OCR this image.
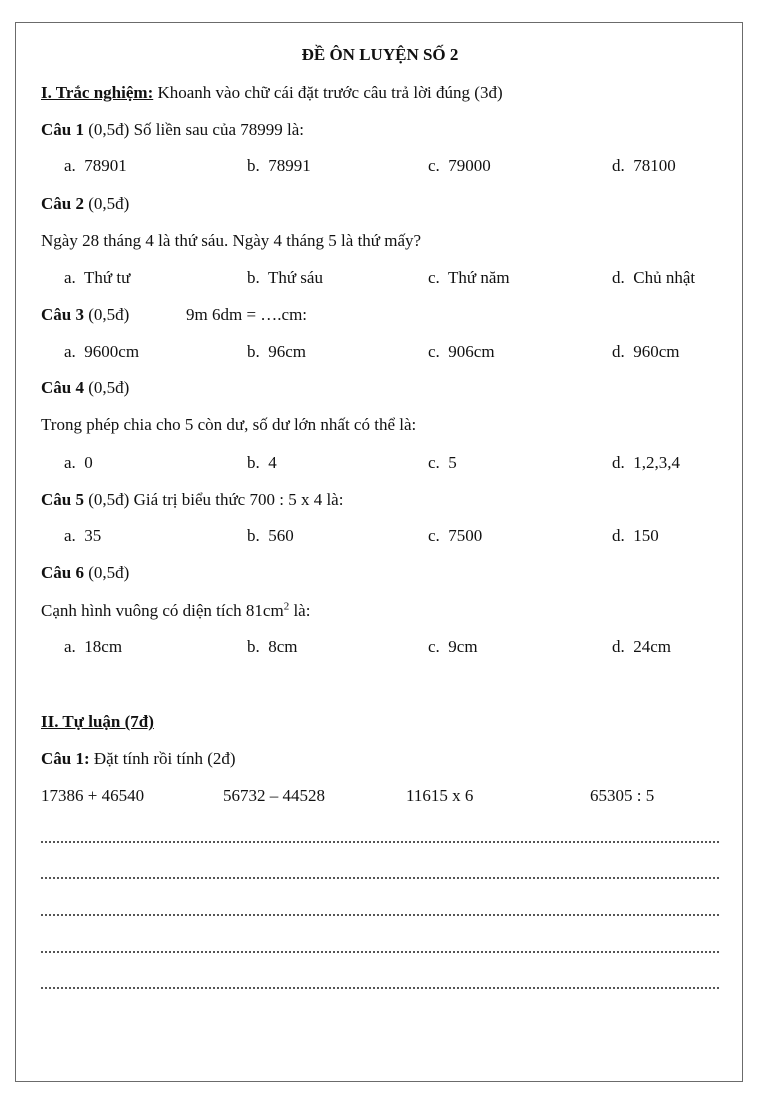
ĐỀ ÔN LUYỆN SỐ 2
I. Trắc nghiệm: Khoanh vào chữ cái đặt trước câu trả lời đúng (3đ)
Câu 1 (0,5đ) Số liền sau của 78999 là:
a. 78901	b. 78991	c. 79000	d. 78100
Câu 2 (0,5đ)
Ngày 28 tháng 4 là thứ sáu. Ngày 4 tháng 5 là thứ mấy?
a. Thứ tư	b. Thứ sáu	c. Thứ năm	d. Chủ nhật
Câu 3 (0,5đ)	9m 6dm = ….cm:
a. 9600cm	b. 96cm	c. 906cm	d. 960cm
Câu 4 (0,5đ)
Trong phép chia cho 5 còn dư, số dư lớn nhất có thể là:
a. 0	b. 4	c. 5	d. 1,2,3,4
Câu 5 (0,5đ) Giá trị biểu thức 700 : 5 x 4 là:
a. 35	b. 560	c. 7500	d. 150
Câu 6 (0,5đ)
Cạnh hình vuông có diện tích $81cm^2$ là:
a. 18cm	b. 8cm	c. 9cm	d. 24cm
II. Tự luận (7đ)
Câu 1: Đặt tính rồi tính (2đ)
17386 + 46540	56732 – 44528	11615 x 6	65305 : 5
